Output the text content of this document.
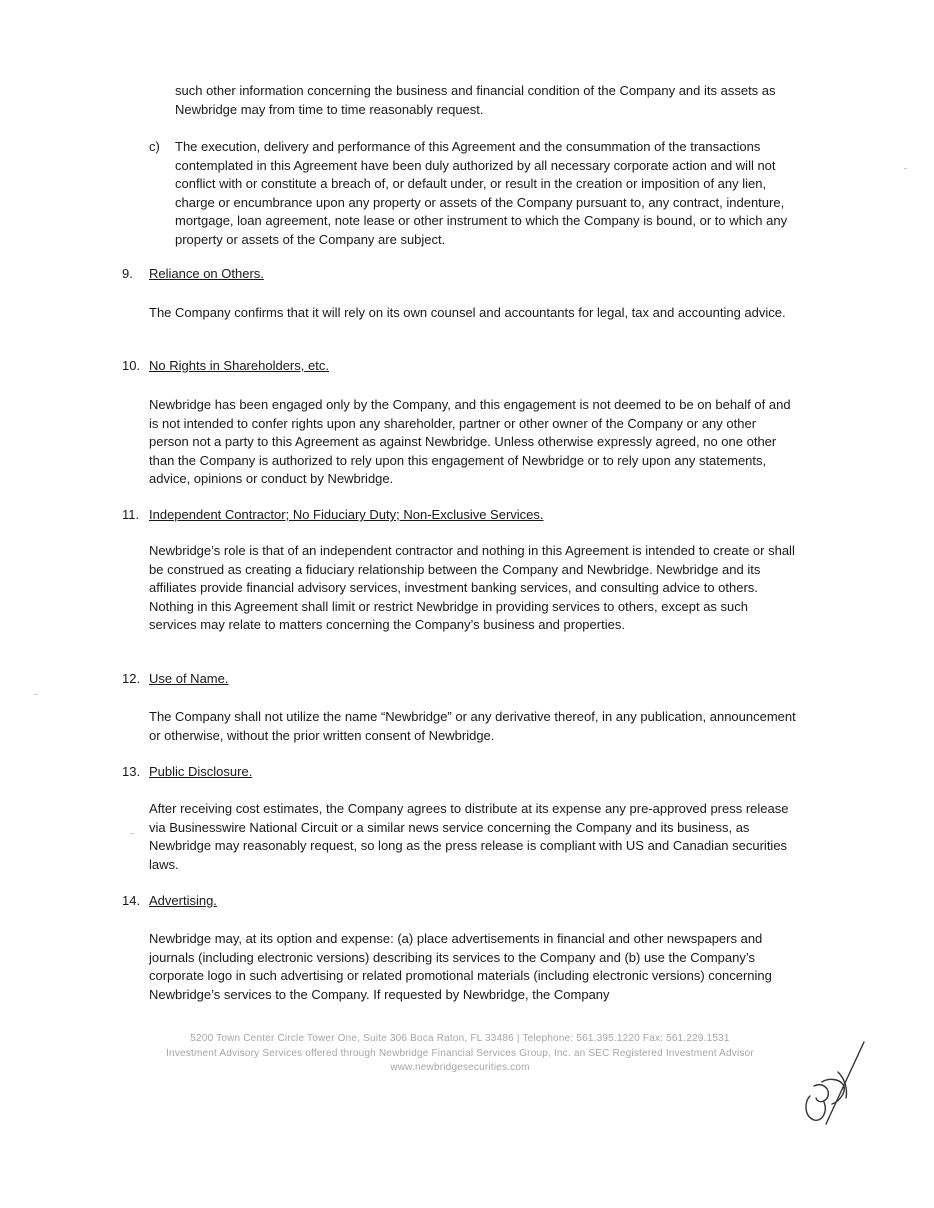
such other information concerning the business and financial condition of the Company and its assets as Newbridge may from time to time reasonably request.

c) The execution, delivery and performance of this Agreement and the consummation of the transactions contemplated in this Agreement have been duly authorized by all necessary corporate action and will not conflict with or constitute a breach of, or default under, or result in the creation or imposition of any lien, charge or encumbrance upon any property or assets of the Company pursuant to, any contract, indenture, mortgage, loan agreement, note lease or other instrument to which the Company is bound, or to which any property or assets of the Company are subject.

9. Reliance on Others.

The Company confirms that it will rely on its own counsel and accountants for legal, tax and accounting advice.

10. No Rights in Shareholders, etc.

Newbridge has been engaged only by the Company, and this engagement is not deemed to be on behalf of and is not intended to confer rights upon any shareholder, partner or other owner of the Company or any other person not a party to this Agreement as against Newbridge. Unless otherwise expressly agreed, no one other than the Company is authorized to rely upon this engagement of Newbridge or to rely upon any statements, advice, opinions or conduct by Newbridge.

11. Independent Contractor; No Fiduciary Duty; Non-Exclusive Services.

Newbridge’s role is that of an independent contractor and nothing in this Agreement is intended to create or shall be construed as creating a fiduciary relationship between the Company and Newbridge. Newbridge and its affiliates provide financial advisory services, investment banking services, and consulting advice to others. Nothing in this Agreement shall limit or restrict Newbridge in providing services to others, except as such services may relate to matters concerning the Company’s business and properties.

12. Use of Name.

The Company shall not utilize the name “Newbridge” or any derivative thereof, in any publication, announcement or otherwise, without the prior written consent of Newbridge.

13. Public Disclosure.

After receiving cost estimates, the Company agrees to distribute at its expense any pre-approved press release via Businesswire National Circuit or a similar news service concerning the Company and its business, as Newbridge may reasonably request, so long as the press release is compliant with US and Canadian securities laws.

14. Advertising.

Newbridge may, at its option and expense: (a) place advertisements in financial and other newspapers and journals (including electronic versions) describing its services to the Company and (b) use the Company’s corporate logo in such advertising or related promotional materials (including electronic versions) concerning Newbridge’s services to the Company. If requested by Newbridge, the Company

5200 Town Center Circle Tower One, Suite 306 Boca Raton, FL 33486 | Telephone: 561.395.1220 Fax: 561.229.1531

Investment Advisory Services offered through Newbridge Financial Services Group, Inc. an SEC Registered Investment Advisor

www.newbridgesecurities.com
